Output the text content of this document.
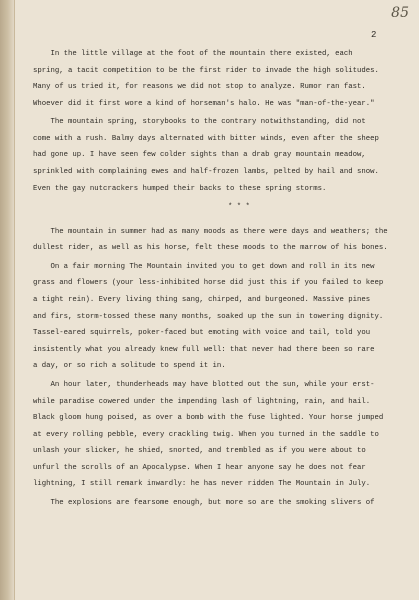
85
2
In the little village at the foot of the mountain there existed, each
spring, a tacit competition to be the first rider to invade the high solitudes.
Many of us tried it, for reasons we did not stop to analyze. Rumor ran fast.
Whoever did it first wore a kind of horseman's halo. He was "man-of-the-year."
The mountain spring, storybooks to the contrary notwithstanding, did not
come with a rush. Balmy days alternated with bitter winds, even after the sheep
had gone up. I have seen few colder sights than a drab gray mountain meadow,
sprinkled with complaining ewes and half-frozen lambs, pelted by hail and snow.
Even the gay nutcrackers humped their backs to these spring storms.
* * *
The mountain in summer had as many moods as there were days and weathers; the
dullest rider, as well as his horse, felt these moods to the marrow of his bones.
On a fair morning The Mountain invited you to get down and roll in its new
grass and flowers (your less-inhibited horse did just this if you failed to keep
a tight rein). Every living thing sang, chirped, and burgeoned. Massive pines
and firs, storm-tossed these many months, soaked up the sun in towering dignity.
Tassel-eared squirrels, poker-faced but emoting with voice and tail, told you
insistently what you already knew full well: that never had there been so rare
a day, or so rich a solitude to spend it in.
An hour later, thunderheads may have blotted out the sun, while your erst-
while paradise cowered under the impending lash of lightning, rain, and hail.
Black gloom hung poised, as over a bomb with the fuse lighted. Your horse jumped
at every rolling pebble, every crackling twig. When you turned in the saddle to
unlash your slicker, he shied, snorted, and trembled as if you were about to
unfurl the scrolls of an Apocalypse. When I hear anyone say he does not fear
lightning, I still remark inwardly: he has never ridden The Mountain in July.
The explosions are fearsome enough, but more so are the smoking slivers of
